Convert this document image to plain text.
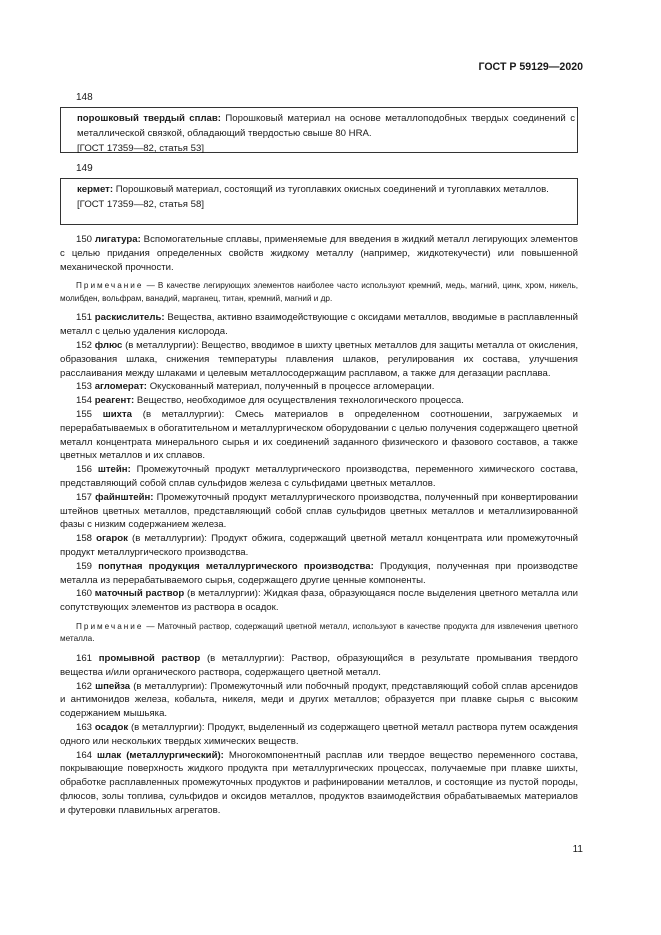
ГОСТ Р 59129—2020
148

порошковый твердый сплав: Порошковый материал на основе металлоподобных твердых соединений с металлической связкой, обладающий твердостью свыше 80 HRA.

[ГОСТ 17359—82, статья 53]

149

кермет: Порошковый материал, состоящий из тугоплавких окисных соединений и тугоплавких металлов.

[ГОСТ 17359—82, статья 58]

150 лигатура: Вспомогательные сплавы, применяемые для введения в жидкий металл легирующих элементов с целью придания определенных свойств жидкому металлу (например, жидкотекучести) или повышенной механической прочности.

Примечание — В качестве легирующих элементов наиболее часто используют кремний, медь, магний, цинк, хром, никель, молибден, вольфрам, ванадий, марганец, титан, кремний, магний и др.

151 раскислитель: Вещества, активно взаимодействующие с оксидами металлов, вводимые в расплавленный металл с целью удаления кислорода.

152 флюс (в металлургии): Вещество, вводимое в шихту цветных металлов для защиты металла от окисления, образования шлака, снижения температуры плавления шлаков, регулирования их состава, улучшения расслаивания между шлаками и целевым металлосодержащим расплавом, а также для дегазации расплава.

153 агломерат: Окускованный материал, полученный в процессе агломерации.

154 реагент: Вещество, необходимое для осуществления технологического процесса.

155 шихта (в металлургии): Смесь материалов в определенном соотношении, загружаемых и перерабатываемых в обогатительном и металлургическом оборудовании с целью получения содержащего цветной металл концентрата минерального сырья и их соединений заданного физического и фазового составов, а также цветных металлов и их сплавов.

156 штейн: Промежуточный продукт металлургического производства, переменного химического состава, представляющий собой сплав сульфидов железа с сульфидами цветных металлов.

157 файнштейн: Промежуточный продукт металлургического производства, полученный при конвертировании штейнов цветных металлов, представляющий собой сплав сульфидов цветных металлов и металлизированной фазы с низким содержанием железа.

158 огарок (в металлургии): Продукт обжига, содержащий цветной металл концентрата или промежуточный продукт металлургического производства.

159 попутная продукция металлургического производства: Продукция, полученная при производстве металла из перерабатываемого сырья, содержащего другие ценные компоненты.

160 маточный раствор (в металлургии): Жидкая фаза, образующаяся после выделения цветного металла или сопутствующих элементов из раствора в осадок.

Примечание — Маточный раствор, содержащий цветной металл, используют в качестве продукта для извлечения цветного металла.

161 промывной раствор (в металлургии): Раствор, образующийся в результате промывания твердого вещества и/или органического раствора, содержащего цветной металл.

162 шпейза (в металлургии): Промежуточный или побочный продукт, представляющий собой сплав арсенидов и антимонидов железа, кобальта, никеля, меди и других металлов; образуется при плавке сырья с высоким содержанием мышьяка.

163 осадок (в металлургии): Продукт, выделенный из содержащего цветной металл раствора путем осаждения одного или нескольких твердых химических веществ.

164 шлак (металлургический): Многокомпонентный расплав или твердое вещество переменного состава, покрывающие поверхность жидкого продукта при металлургических процессах, получаемые при плавке шихты, обработке расплавленных промежуточных продуктов и рафинировании металлов, и состоящие из пустой породы, флюсов, золы топлива, сульфидов и оксидов металлов, продуктов взаимодействия обрабатываемых материалов и футеровки плавильных агрегатов.

11
